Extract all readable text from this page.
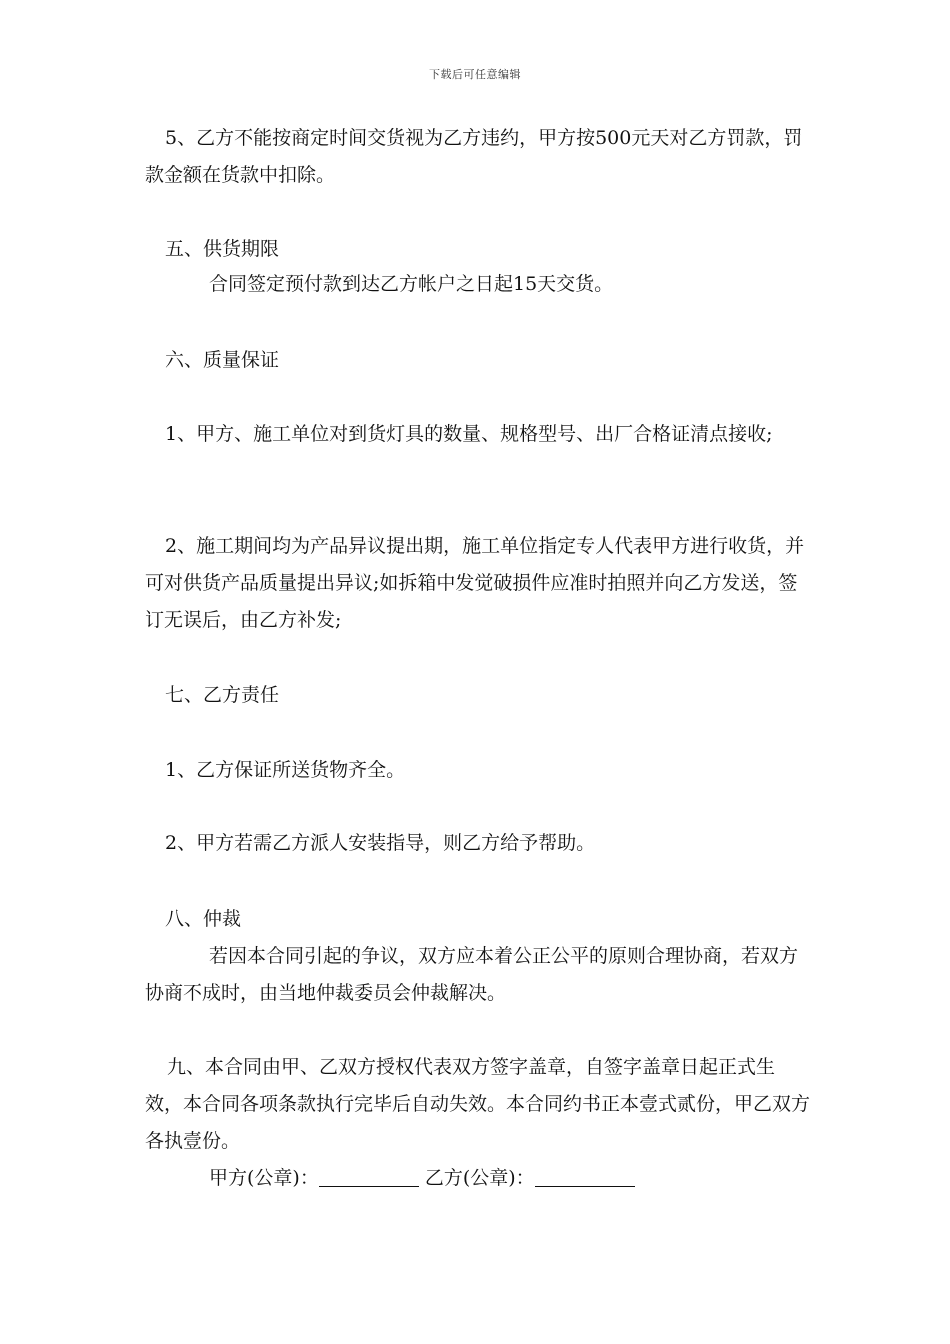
下载后可任意编辑

5、乙方不能按商定时间交货视为乙方违约，甲方按500元天对乙方罚款，罚款金额在货款中扣除。

五、供货期限

合同签定预付款到达乙方帐户之日起15天交货。

六、质量保证

1、甲方、施工单位对到货灯具的数量、规格型号、出厂合格证清点接收;

2、施工期间均为产品异议提出期，施工单位指定专人代表甲方进行收货，并可对供货产品质量提出异议;如拆箱中发觉破损件应准时拍照并向乙方发送，签订无误后，由乙方补发;

七、乙方责任

1、乙方保证所送货物齐全。

2、甲方若需乙方派人安装指导，则乙方给予帮助。

八、仲裁

若因本合同引起的争议，双方应本着公正公平的原则合理协商，若双方协商不成时，由当地仲裁委员会仲裁解决。

九、本合同由甲、乙双方授权代表双方签字盖章，自签字盖章日起正式生效，本合同各项条款执行完毕后自动失效。本合同约书正本壹式贰份，甲乙双方各执壹份。

甲方(公章)：	乙方(公章)：
